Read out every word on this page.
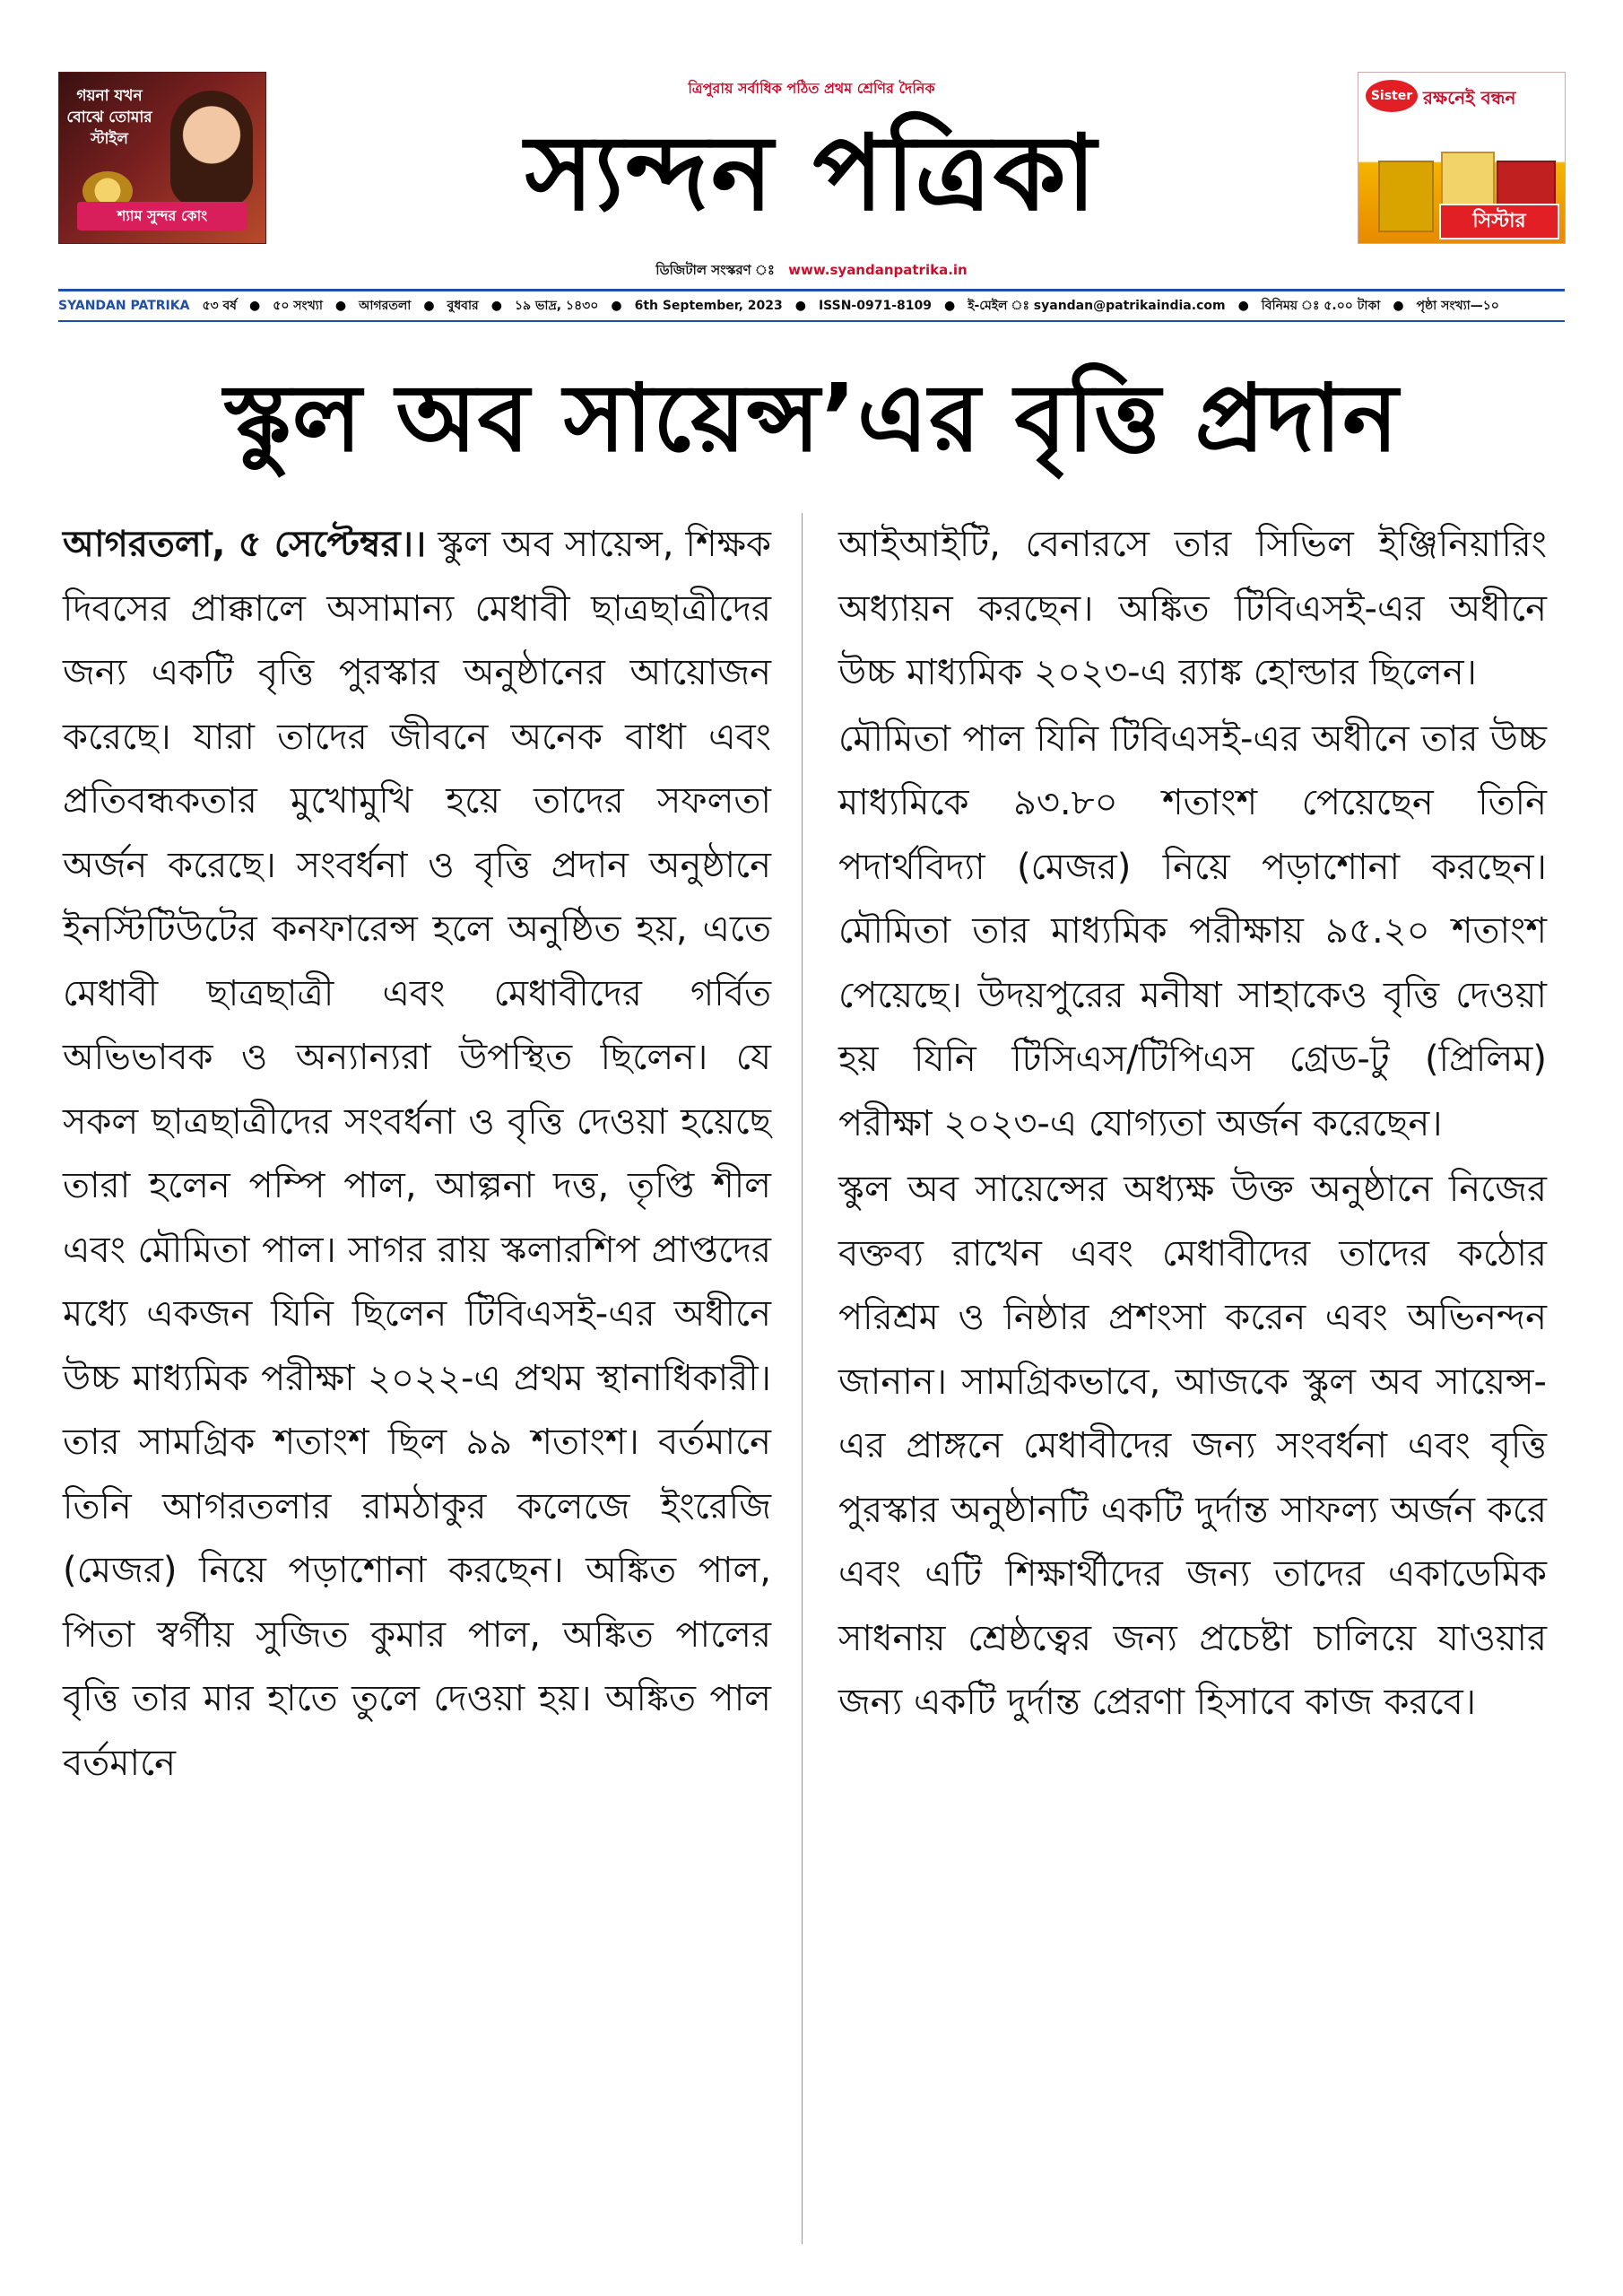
গয়না যখন বোঝে তোমার স্টাইল
শ্যাম সুন্দর কোং
Sister রক্ষনেই বন্ধন
সিস্টার
ত্রিপুরায় সর্বাধিক পঠিত প্রথম শ্রেণির দৈনিক
স্যন্দন পত্রিকা
ডিজিটাল সংস্করণ ঃ www.syandanpatrika.in
SYANDAN PATRIKA ৫৩ বর্ষ ● ৫০ সংখ্যা ● আগরতলা ● বুধবার ● ১৯ ভাদ্র, ১৪৩০ ● 6th September, 2023 ● ISSN-0971-8109 ● ই-মেইল ঃ syandan@patrikaindia.com ● বিনিময় ঃ ৫.০০ টাকা ● পৃষ্ঠা সংখ্যা—১০
স্কুল অব সায়েন্স’এর বৃত্তি প্রদান

আগরতলা, ৫ সেপ্টেম্বর।। স্কুল অব সায়েন্স, শিক্ষক দিবসের প্রাক্কালে অসামান্য মেধাবী ছাত্রছাত্রীদের জন্য একটি বৃত্তি পুরস্কার অনুষ্ঠানের আয়োজন করেছে। যারা তাদের জীবনে অনেক বাধা এবং প্রতিবন্ধকতার মুখোমুখি হয়ে তাদের সফলতা অর্জন করেছে। সংবর্ধনা ও বৃত্তি প্রদান অনুষ্ঠানে ইনস্টিটিউটের কনফারেন্স হলে অনুষ্ঠিত হয়, এতে মেধাবী ছাত্রছাত্রী এবং মেধাবীদের গর্বিত অভিভাবক ও অন্যান্যরা উপস্থিত ছিলেন। যে সকল ছাত্রছাত্রীদের সংবর্ধনা ও বৃত্তি দেওয়া হয়েছে তারা হলেন পম্পি পাল, আল্পনা দত্ত, তৃপ্তি শীল এবং মৌমিতা পাল। সাগর রায় স্কলারশিপ প্রাপ্তদের মধ্যে একজন যিনি ছিলেন টিবিএসই-এর অধীনে উচ্চ মাধ্যমিক পরীক্ষা ২০২২-এ প্রথম স্থানাধিকারী। তার সামগ্রিক শতাংশ ছিল ৯৯ শতাংশ। বর্তমানে তিনি আগরতলার রামঠাকুর কলেজে ইংরেজি (মেজর) নিয়ে পড়াশোনা করছেন। অঙ্কিত পাল, পিতা স্বর্গীয় সুজিত কুমার পাল, অঙ্কিত পালের বৃত্তি তার মার হাতে তুলে দেওয়া হয়। অঙ্কিত পাল বর্তমানে

আইআইটি, বেনারসে তার সিভিল ইঞ্জিনিয়ারিং অধ্যায়ন করছেন। অঙ্কিত টিবিএসই-এর অধীনে উচ্চ মাধ্যমিক ২০২৩-এ র‍্যাঙ্ক হোল্ডার ছিলেন।

মৌমিতা পাল যিনি টিবিএসই-এর অধীনে তার উচ্চ মাধ্যমিকে ৯৩.৮০ শতাংশ পেয়েছেন তিনি পদার্থবিদ্যা (মেজর) নিয়ে পড়াশোনা করছেন। মৌমিতা তার মাধ্যমিক পরীক্ষায় ৯৫.২০ শতাংশ পেয়েছে। উদয়পুরের মনীষা সাহাকেও বৃত্তি দেওয়া হয় যিনি টিসিএস/টিপিএস গ্রেড-টু (প্রিলিম) পরীক্ষা ২০২৩-এ যোগ্যতা অর্জন করেছেন।

স্কুল অব সায়েন্সের অধ্যক্ষ উক্ত অনুষ্ঠানে নিজের বক্তব্য রাখেন এবং মেধাবীদের তাদের কঠোর পরিশ্রম ও নিষ্ঠার প্রশংসা করেন এবং অভিনন্দন জানান। সামগ্রিকভাবে, আজকে স্কুল অব সায়েন্স-এর প্রাঙ্গনে মেধাবীদের জন্য সংবর্ধনা এবং বৃত্তি পুরস্কার অনুষ্ঠানটি একটি দুর্দান্ত সাফল্য অর্জন করে এবং এটি শিক্ষার্থীদের জন্য তাদের একাডেমিক সাধনায় শ্রেষ্ঠত্বের জন্য প্রচেষ্টা চালিয়ে যাওয়ার জন্য একটি দুর্দান্ত প্রেরণা হিসাবে কাজ করবে।
